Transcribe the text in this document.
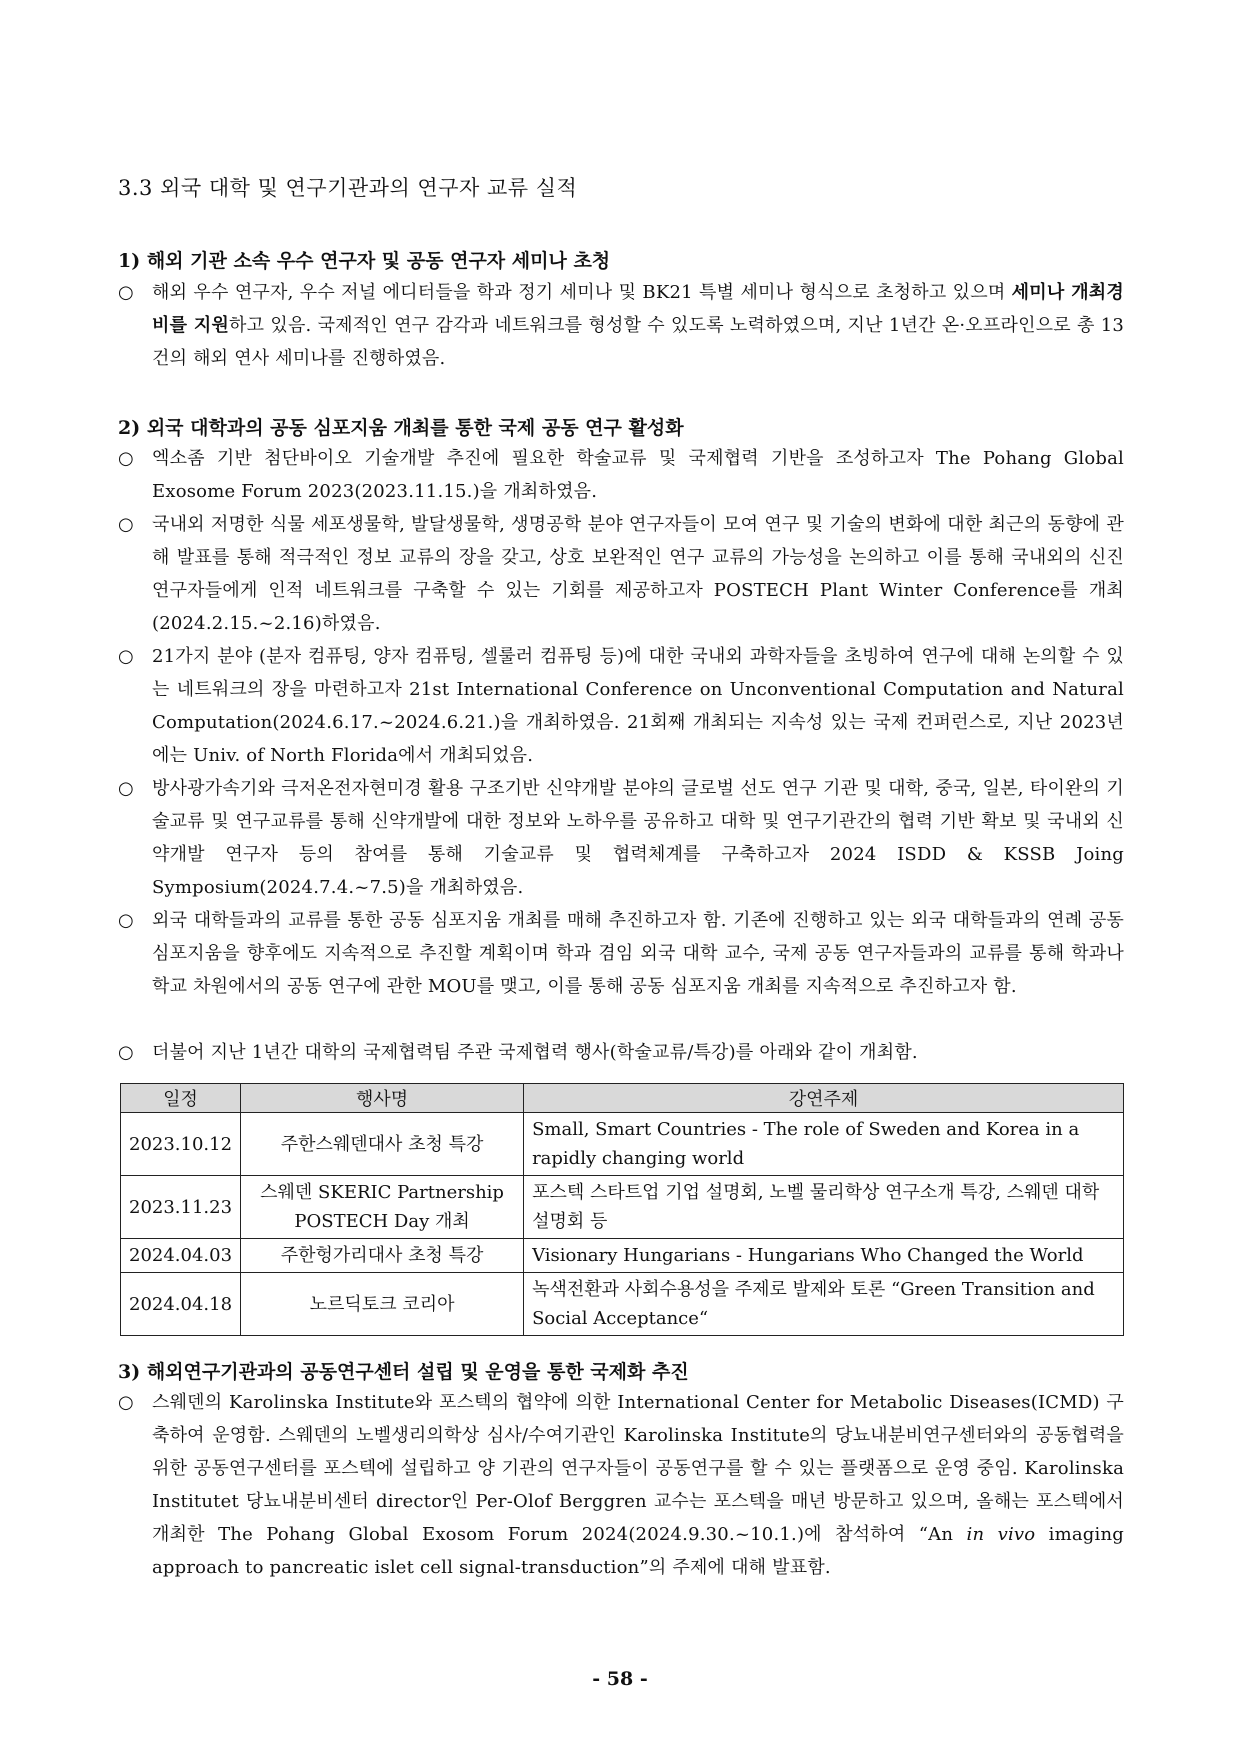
3.3 외국 대학 및 연구기관과의 연구자 교류 실적
1) 해외 기관 소속 우수 연구자 및 공동 연구자 세미나 초청
○ 해외 우수 연구자, 우수 저널 에디터들을 학과 정기 세미나 및 BK21 특별 세미나 형식으로 초청하고 있으며 세미나 개최경비를 지원하고 있음. 국제적인 연구 감각과 네트워크를 형성할 수 있도록 노력하였으며, 지난 1년간 온·오프라인으로 총 13건의 해외 연사 세미나를 진행하였음.
2) 외국 대학과의 공동 심포지움 개최를 통한 국제 공동 연구 활성화
○ 엑소좀 기반 첨단바이오 기술개발 추진에 필요한 학술교류 및 국제협력 기반을 조성하고자 The Pohang Global Exosome Forum 2023(2023.11.15.)을 개최하였음.
○ 국내외 저명한 식물 세포생물학, 발달생물학, 생명공학 분야 연구자들이 모여 연구 및 기술의 변화에 대한 최근의 동향에 관해 발표를 통해 적극적인 정보 교류의 장을 갖고, 상호 보완적인 연구 교류의 가능성을 논의하고 이를 통해 국내외의 신진 연구자들에게 인적 네트워크를 구축할 수 있는 기회를 제공하고자 POSTECH Plant Winter Conference를 개최(2024.2.15.~2.16)하였음.
○ 21가지 분야 (분자 컴퓨팅, 양자 컴퓨팅, 셀룰러 컴퓨팅 등)에 대한 국내외 과학자들을 초빙하여 연구에 대해 논의할 수 있는 네트워크의 장을 마련하고자 21st International Conference on Unconventional Computation and Natural Computation(2024.6.17.~2024.6.21.)을 개최하였음. 21회째 개최되는 지속성 있는 국제 컨퍼런스로, 지난 2023년에는 Univ. of North Florida에서 개최되었음.
○ 방사광가속기와 극저온전자현미경 활용 구조기반 신약개발 분야의 글로벌 선도 연구 기관 및 대학, 중국, 일본, 타이완의 기술교류 및 연구교류를 통해 신약개발에 대한 정보와 노하우를 공유하고 대학 및 연구기관간의 협력 기반 확보 및 국내외 신약개발 연구자 등의 참여를 통해 기술교류 및 협력체계를 구축하고자 2024 ISDD & KSSB Joing Symposium(2024.7.4.~7.5)을 개최하였음.
○ 외국 대학들과의 교류를 통한 공동 심포지움 개최를 매해 추진하고자 함. 기존에 진행하고 있는 외국 대학들과의 연례 공동 심포지움을 향후에도 지속적으로 추진할 계획이며 학과 겸임 외국 대학 교수, 국제 공동 연구자들과의 교류를 통해 학과나 학교 차원에서의 공동 연구에 관한 MOU를 맺고, 이를 통해 공동 심포지움 개최를 지속적으로 추진하고자 함.
○ 더불어 지난 1년간 대학의 국제협력팀 주관 국제협력 행사(학술교류/특강)를 아래와 같이 개최함.
일정	행사명	강연주제
2023.10.12	주한스웨덴대사 초청 특강	Small, Smart Countries - The role of Sweden and Korea in a rapidly changing world
2023.11.23	스웨덴 SKERIC Partnership POSTECH Day 개최	포스텍 스타트업 기업 설명회, 노벨 물리학상 연구소개 특강, 스웨덴 대학 설명회 등
2024.04.03	주한헝가리대사 초청 특강	Visionary Hungarians - Hungarians Who Changed the World
2024.04.18	노르딕토크 코리아	녹색전환과 사회수용성을 주제로 발제와 토론 “Green Transition and Social Acceptance“
3) 해외연구기관과의 공동연구센터 설립 및 운영을 통한 국제화 추진
○ 스웨덴의 Karolinska Institute와 포스텍의 협약에 의한 International Center for Metabolic Diseases(ICMD) 구축하여 운영함. 스웨덴의 노벨생리의학상 심사/수여기관인 Karolinska Institute의 당뇨내분비연구센터와의 공동협력을 위한 공동연구센터를 포스텍에 설립하고 양 기관의 연구자들이 공동연구를 할 수 있는 플랫폼으로 운영 중임. Karolinska Institutet 당뇨내분비센터 director인 Per-Olof Berggren 교수는 포스텍을 매년 방문하고 있으며, 올해는 포스텍에서 개최한 The Pohang Global Exosom Forum 2024(2024.9.30.~10.1.)에 참석하여 “An in vivo imaging approach to pancreatic islet cell signal-transduction”의 주제에 대해 발표함.
- 58 -
